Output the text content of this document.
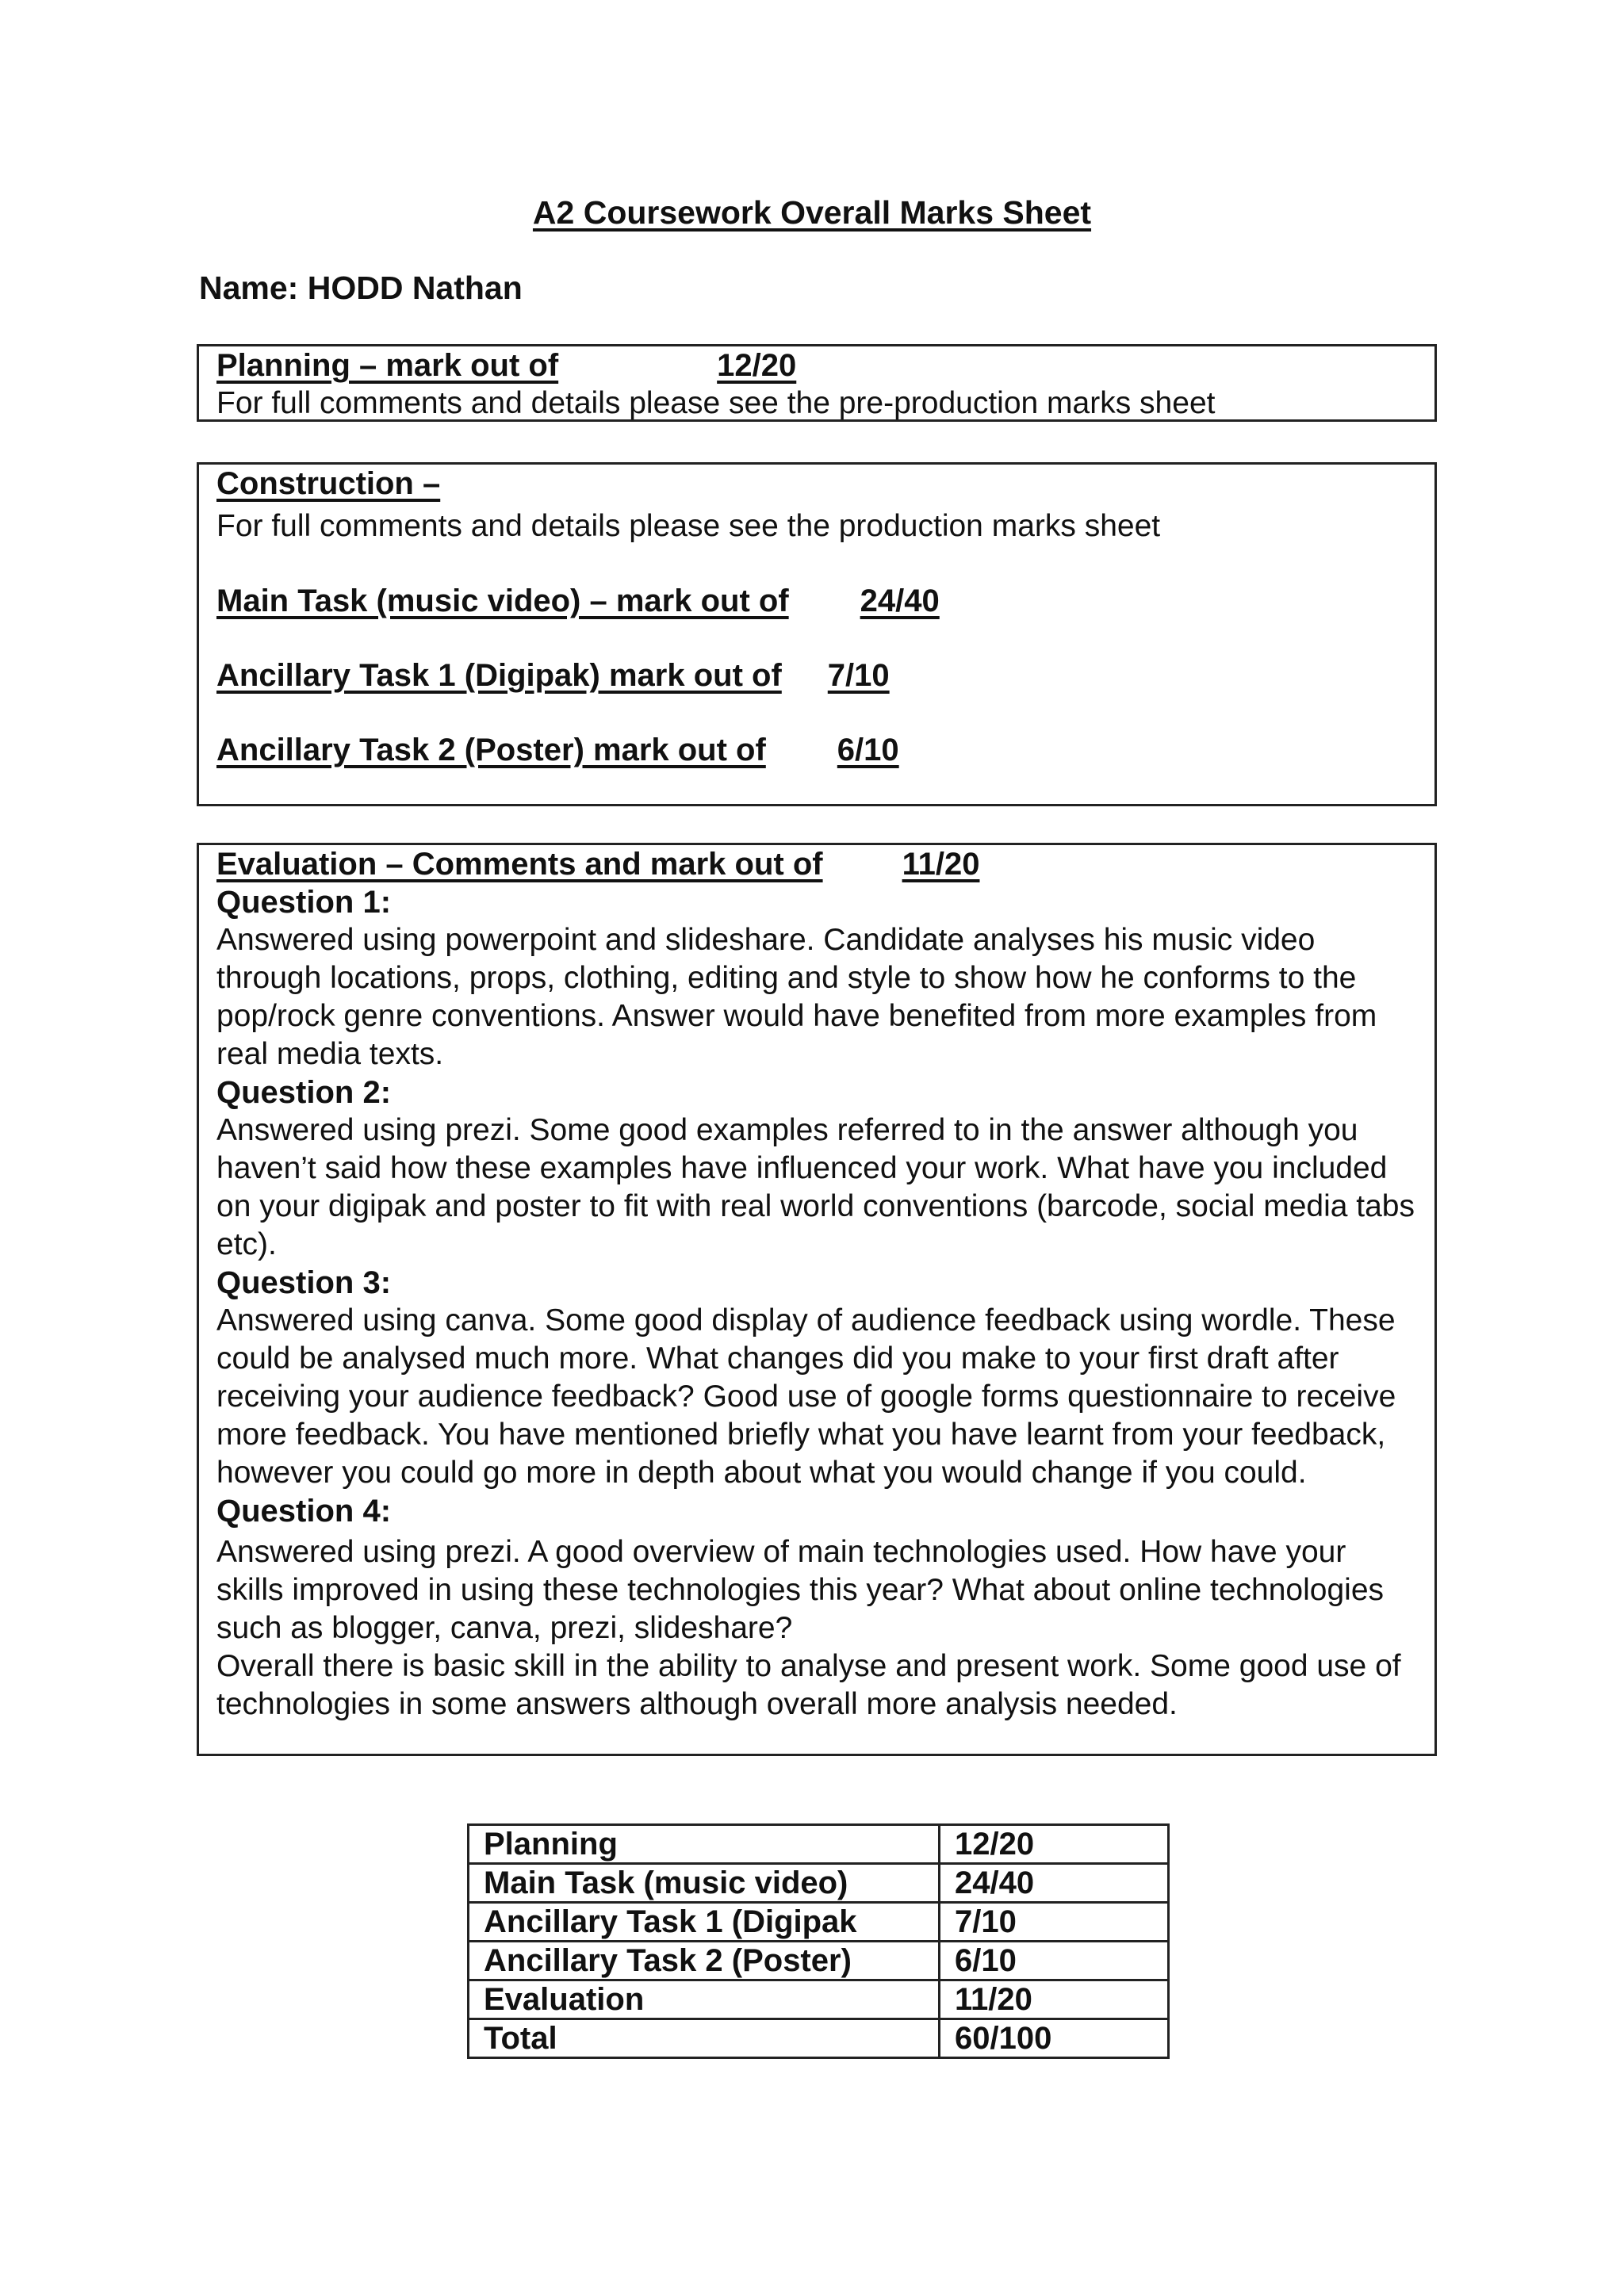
A2 Coursework Overall Marks Sheet
Name: HODD Nathan
Planning – mark out of	12/20
For full comments and details please see the pre-production marks sheet
Construction –
For full comments and details please see the production marks sheet
Main Task (music video) – mark out of 24/40
Ancillary Task 1 (Digipak) mark out of 7/10
Ancillary Task 2 (Poster) mark out of 6/10
Evaluation – Comments and mark out of	11/20
Question 1:
Answered using powerpoint and slideshare. Candidate analyses his music video through locations, props, clothing, editing and style to show how he conforms to the pop/rock genre conventions. Answer would have benefited from more examples from real media texts.
Question 2:
Answered using prezi. Some good examples referred to in the answer although you haven’t said how these examples have influenced your work. What have you included on your digipak and poster to fit with real world conventions (barcode, social media tabs etc).
Question 3:
Answered using canva. Some good display of audience feedback using wordle. These could be analysed much more. What changes did you make to your first draft after receiving your audience feedback? Good use of google forms questionnaire to receive more feedback. You have mentioned briefly what you have learnt from your feedback, however you could go more in depth about what you would change if you could.
Question 4:
Answered using prezi. A good overview of main technologies used. How have your skills improved in using these technologies this year? What about online technologies such as blogger, canva, prezi, slideshare?
Overall there is basic skill in the ability to analyse and present work. Some good use of technologies in some answers although overall more analysis needed.
Planning	12/20
Main Task (music video)	24/40
Ancillary Task 1 (Digipak	7/10
Ancillary Task 2 (Poster)	6/10
Evaluation	11/20
Total	60/100
